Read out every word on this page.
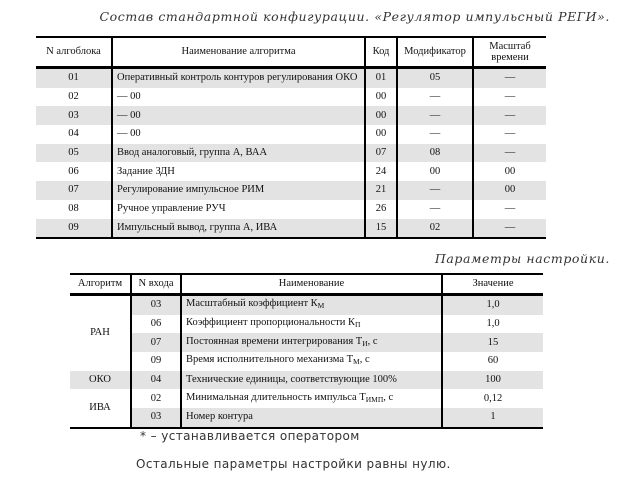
Состав стандартной конфигурации. «Регулятор импульсный РЕГИ».
N алгоблока	Наименование алгоритма	Код	Модификатор	Масштаб времени
01	Оперативный контроль контуров регулирования ОКО	01	05	—
02	— 00	00	—	—
03	— 00	00	—	—
04	— 00	00	—	—
05	Ввод аналоговый, группа А, ВАА	07	08	—
06	Задание ЗДН	24	00	00
07	Регулирование импульсное РИМ	21	—	00
08	Ручное управление РУЧ	26	—	—
09	Импульсный вывод, группа А, ИВА	15	02	—
Параметры настройки.
Алгоритм	N входа	Наименование	Значение
РАН	03	Масштабный коэффициент $К_М$	1,0
	06	Коэффициент пропорциональности $К_П$	1,0
	07	Постоянная времени интегрирования $Т_И$, с	15
	09	Время исполнительного механизма $Т_М$, с	60
ОКО	04	Технические единицы, соответствующие 100%	100
ИВА	02	Минимальная длительность импульса $Т_{ИМП}$, с	0,12
	03	Номер контура	1
* – устанавливается оператором
Остальные параметры настройки равны нулю.
